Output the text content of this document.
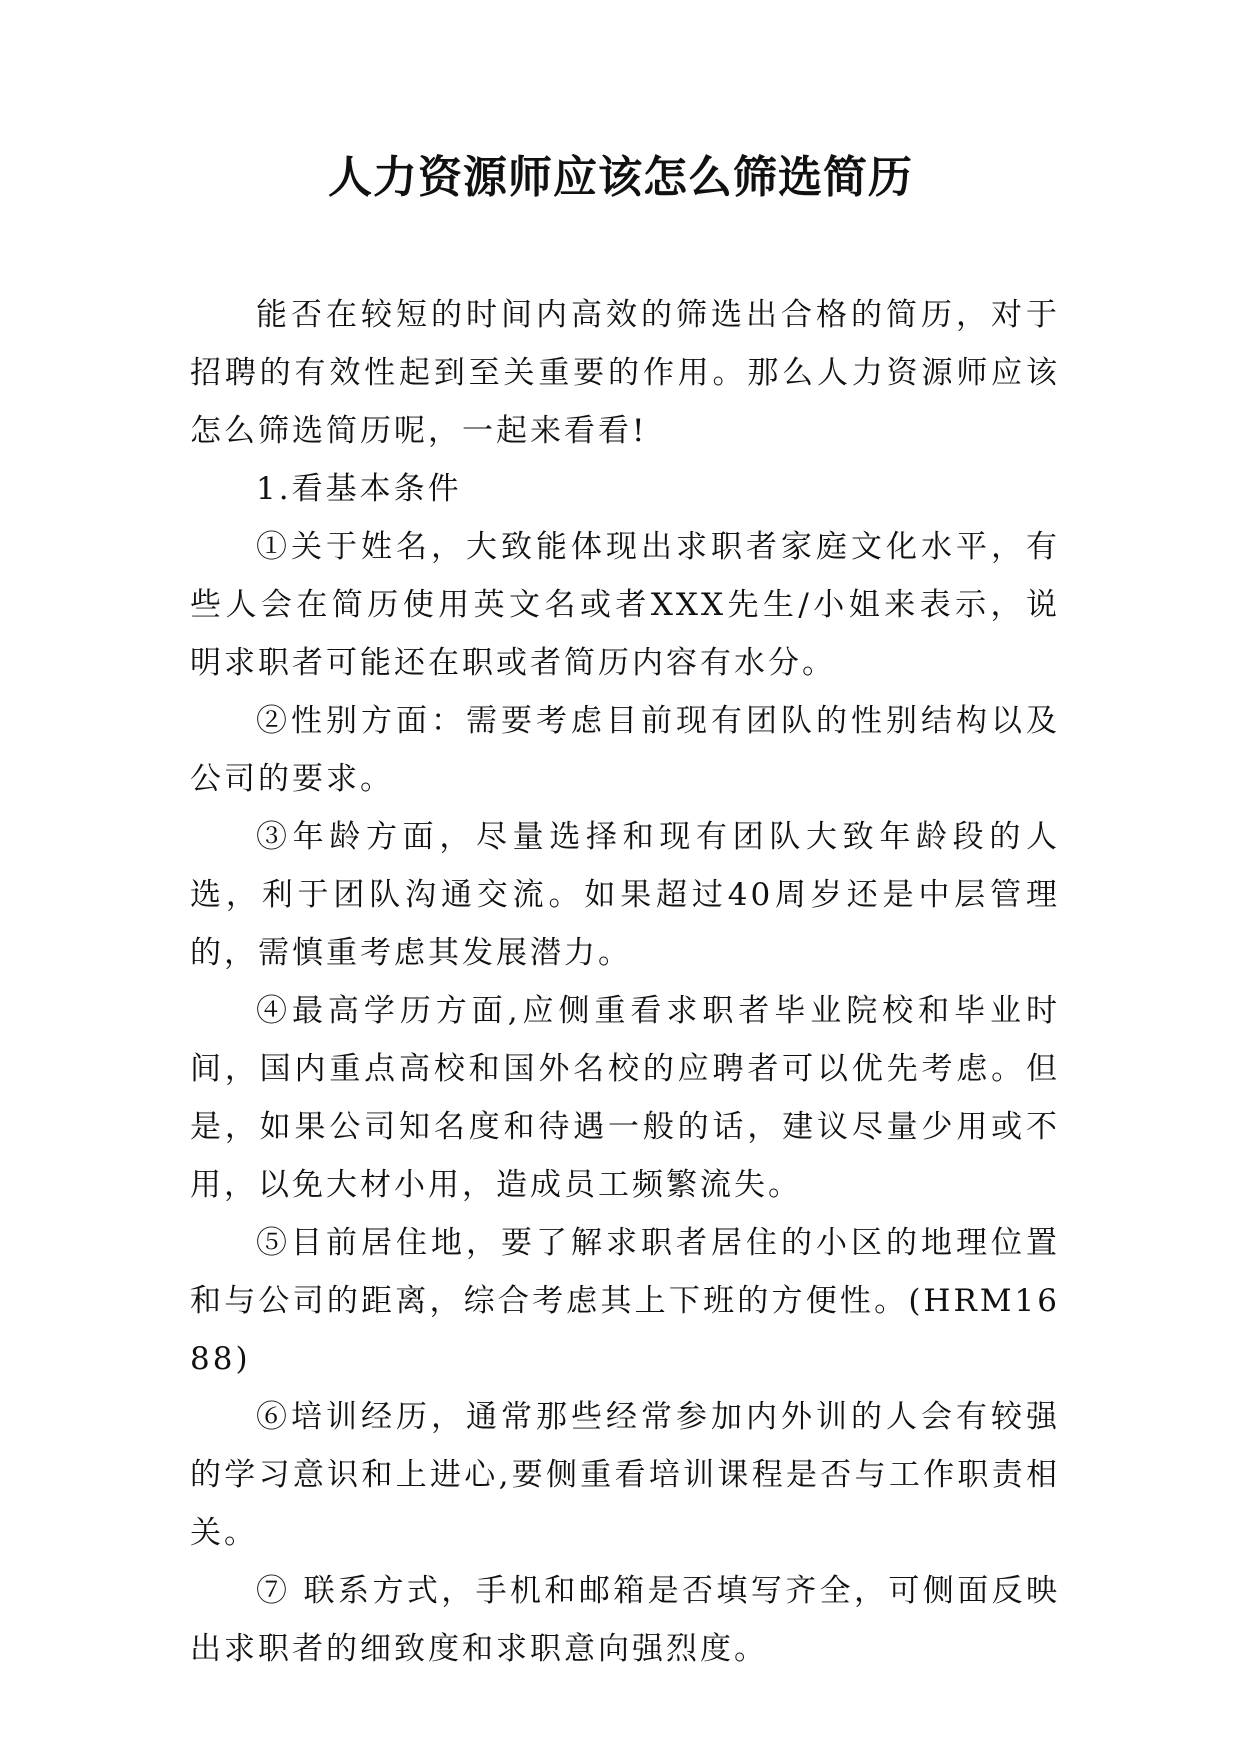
人力资源师应该怎么筛选简历

能否在较短的时间内高效的筛选出合格的简历，对于招聘的有效性起到至关重要的作用。那么人力资源师应该怎么筛选简历呢，一起来看看!

1.看基本条件

①关于姓名，大致能体现出求职者家庭文化水平，有些人会在简历使用英文名或者XXX先生/小姐来表示，说明求职者可能还在职或者简历内容有水分。

②性别方面：需要考虑目前现有团队的性别结构以及公司的要求。

③年龄方面，尽量选择和现有团队大致年龄段的人选，利于团队沟通交流。如果超过40周岁还是中层管理的，需慎重考虑其发展潜力。

④最高学历方面,应侧重看求职者毕业院校和毕业时间，国内重点高校和国外名校的应聘者可以优先考虑。但是，如果公司知名度和待遇一般的话，建议尽量少用或不用，以免大材小用，造成员工频繁流失。

⑤目前居住地，要了解求职者居住的小区的地理位置和与公司的距离，综合考虑其上下班的方便性。(HRM1688)

⑥培训经历，通常那些经常参加内外训的人会有较强的学习意识和上进心,要侧重看培训课程是否与工作职责相关。

⑦ 联系方式，手机和邮箱是否填写齐全，可侧面反映出求职者的细致度和求职意向强烈度。
